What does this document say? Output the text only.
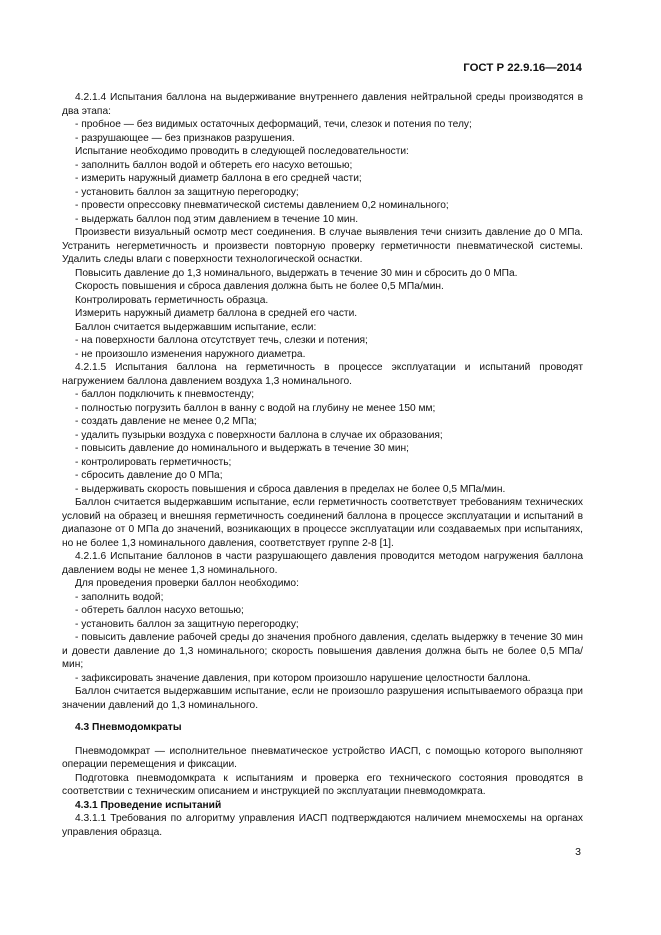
ГОСТ Р 22.9.16—2014

4.2.1.4 Испытания баллона на выдерживание внутреннего давления нейтральной среды производятся в два этапа:

- пробное — без видимых остаточных деформаций, течи, слезок и потения по телу;

- разрушающее — без признаков разрушения.

Испытание необходимо проводить в следующей последовательности:

- заполнить баллон водой и обтереть его насухо ветошью;

- измерить наружный диаметр баллона в его средней части;

- установить баллон за защитную перегородку;

- провести опрессовку пневматической системы давлением 0,2 номинального;

- выдержать баллон под этим давлением в течение 10 мин.

Произвести визуальный осмотр мест соединения. В случае выявления течи снизить давление до 0 МПа. Устранить негерметичность и произвести повторную проверку герметичности пневматической системы. Удалить следы влаги с поверхности технологической оснастки.

Повысить давление до 1,3 номинального, выдержать в течение 30 мин и сбросить до 0 МПа.

Скорость повышения и сброса давления должна быть не более 0,5 МПа/мин.

Контролировать герметичность образца.

Измерить наружный диаметр баллона в средней его части.

Баллон считается выдержавшим испытание, если:

- на поверхности баллона отсутствует течь, слезки и потения;

- не произошло изменения наружного диаметра.

4.2.1.5 Испытания баллона на герметичность в процессе эксплуатации и испытаний проводят нагружением баллона давлением воздуха 1,3 номинального.

- баллон подключить к пневмостенду;

- полностью погрузить баллон в ванну с водой на глубину не менее 150 мм;

- создать давление не менее 0,2 МПа;

- удалить пузырьки воздуха с поверхности баллона в случае их образования;

- повысить давление до номинального и выдержать в течение 30 мин;

- контролировать герметичность;

- сбросить давление до 0 МПа;

- выдерживать скорость повышения и сброса давления в пределах не более 0,5 МПа/мин.

Баллон считается выдержавшим испытание, если герметичность соответствует требованиям технических условий на образец и внешняя герметичность соединений баллона в процессе эксплуатации и испытаний в диапазоне от 0 МПа до значений, возникающих в процессе эксплуатации или создаваемых при испытаниях, но не более 1,3 номинального давления, соответствует группе 2-8 [1].

4.2.1.6 Испытание баллонов в части разрушающего давления проводится методом нагружения баллона давлением воды не менее 1,3 номинального.

Для проведения проверки баллон необходимо:

- заполнить водой;

- обтереть баллон насухо ветошью;

- установить баллон за защитную перегородку;

- повысить давление рабочей среды до значения пробного давления, сделать выдержку в течение 30 мин и довести давление до 1,3 номинального; скорость повышения давления должна быть не более 0,5 МПа/мин;

- зафиксировать значение давления, при котором произошло нарушение целостности баллона.

Баллон считается выдержавшим испытание, если не произошло разрушения испытываемого образца при значении давлений до 1,3 номинального.

4.3 Пневмодомкраты

Пневмодомкрат — исполнительное пневматическое устройство ИАСП, с помощью которого выполняют операции перемещения и фиксации.

Подготовка пневмодомкрата к испытаниям и проверка его технического состояния проводятся в соответствии с техническим описанием и инструкцией по эксплуатации пневмодомкрата.

4.3.1 Проведение испытаний

4.3.1.1 Требования по алгоритму управления ИАСП подтверждаются наличием мнемосхемы на органах управления образца.

3
